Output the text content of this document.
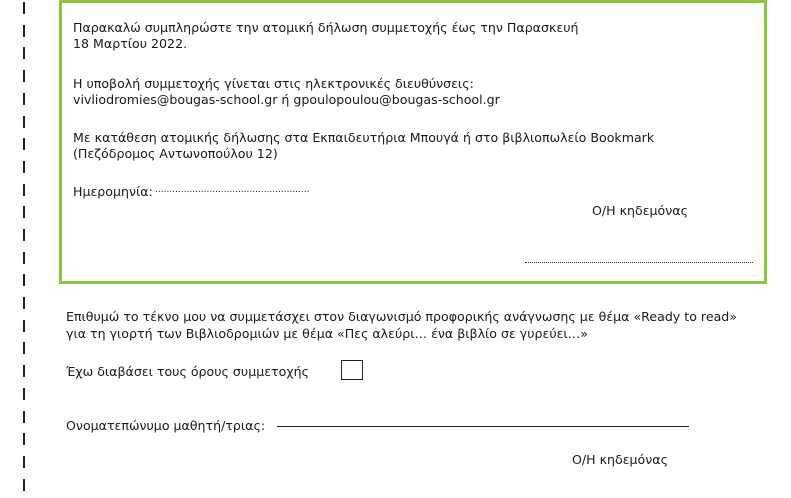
Παρακαλώ συμπληρώστε την ατομική δήλωση συμμετοχής έως την Παρασκευή
18 Μαρτίου 2022.
Η υποβολή συμμετοχής γίνεται στις ηλεκτρονικές διευθύνσεις:
vivliodromies@bougas-school.gr ή gpoulopoulou@bougas-school.gr
Με κατάθεση ατομικής δήλωσης στα Εκπαιδευτήρια Μπουγά ή στο βιβλιοπωλείο Bookmark
(Πεζόδρομος Αντωνοπούλου 12)
Ημερομηνία: ......................................................
Ο/Η κηδεμόνας
Επιθυμώ το τέκνο μου να συμμετάσχει στον διαγωνισμό προφορικής ανάγνωσης με θέμα «Ready to read»
για τη γιορτή των Βιβλιοδρομιών με θέμα «Πες αλεύρι… ένα βιβλίο σε γυρεύει…»
Έχω διαβάσει τους όρους συμμετοχής
Ονοματεπώνυμο μαθητή/τριας:
Ο/Η κηδεμόνας
